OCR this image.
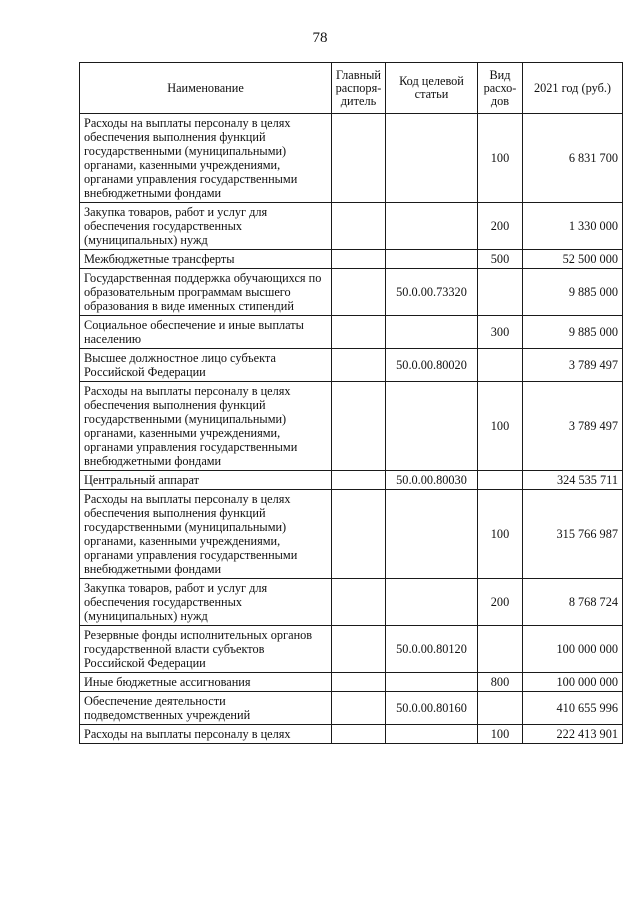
78
Наименование	Главный распоря-дитель	Код целевой статьи	Вид расхо-дов	2021 год (руб.)
Расходы на выплаты персоналу в целях обеспечения выполнения функций государственными (муниципальными) органами, казенными учреждениями, органами управления государственными внебюджетными фондами			100	6 831 700
Закупка товаров, работ и услуг для обеспечения государственных (муниципальных) нужд			200	1 330 000
Межбюджетные трансферты			500	52 500 000
Государственная поддержка обучающихся по образовательным программам высшего образования в виде именных стипендий		50.0.00.73320		9 885 000
Социальное обеспечение и иные выплаты населению			300	9 885 000
Высшее должностное лицо субъекта Российской Федерации		50.0.00.80020		3 789 497
Расходы на выплаты персоналу в целях обеспечения выполнения функций государственными (муниципальными) органами, казенными учреждениями, органами управления государственными внебюджетными фондами			100	3 789 497
Центральный аппарат		50.0.00.80030		324 535 711
Расходы на выплаты персоналу в целях обеспечения выполнения функций государственными (муниципальными) органами, казенными учреждениями, органами управления государственными внебюджетными фондами			100	315 766 987
Закупка товаров, работ и услуг для обеспечения государственных (муниципальных) нужд			200	8 768 724
Резервные фонды исполнительных органов государственной власти субъектов Российской Федерации		50.0.00.80120		100 000 000
Иные бюджетные ассигнования			800	100 000 000
Обеспечение деятельности подведомственных учреждений		50.0.00.80160		410 655 996
Расходы на выплаты персоналу в целях			100	222 413 901
